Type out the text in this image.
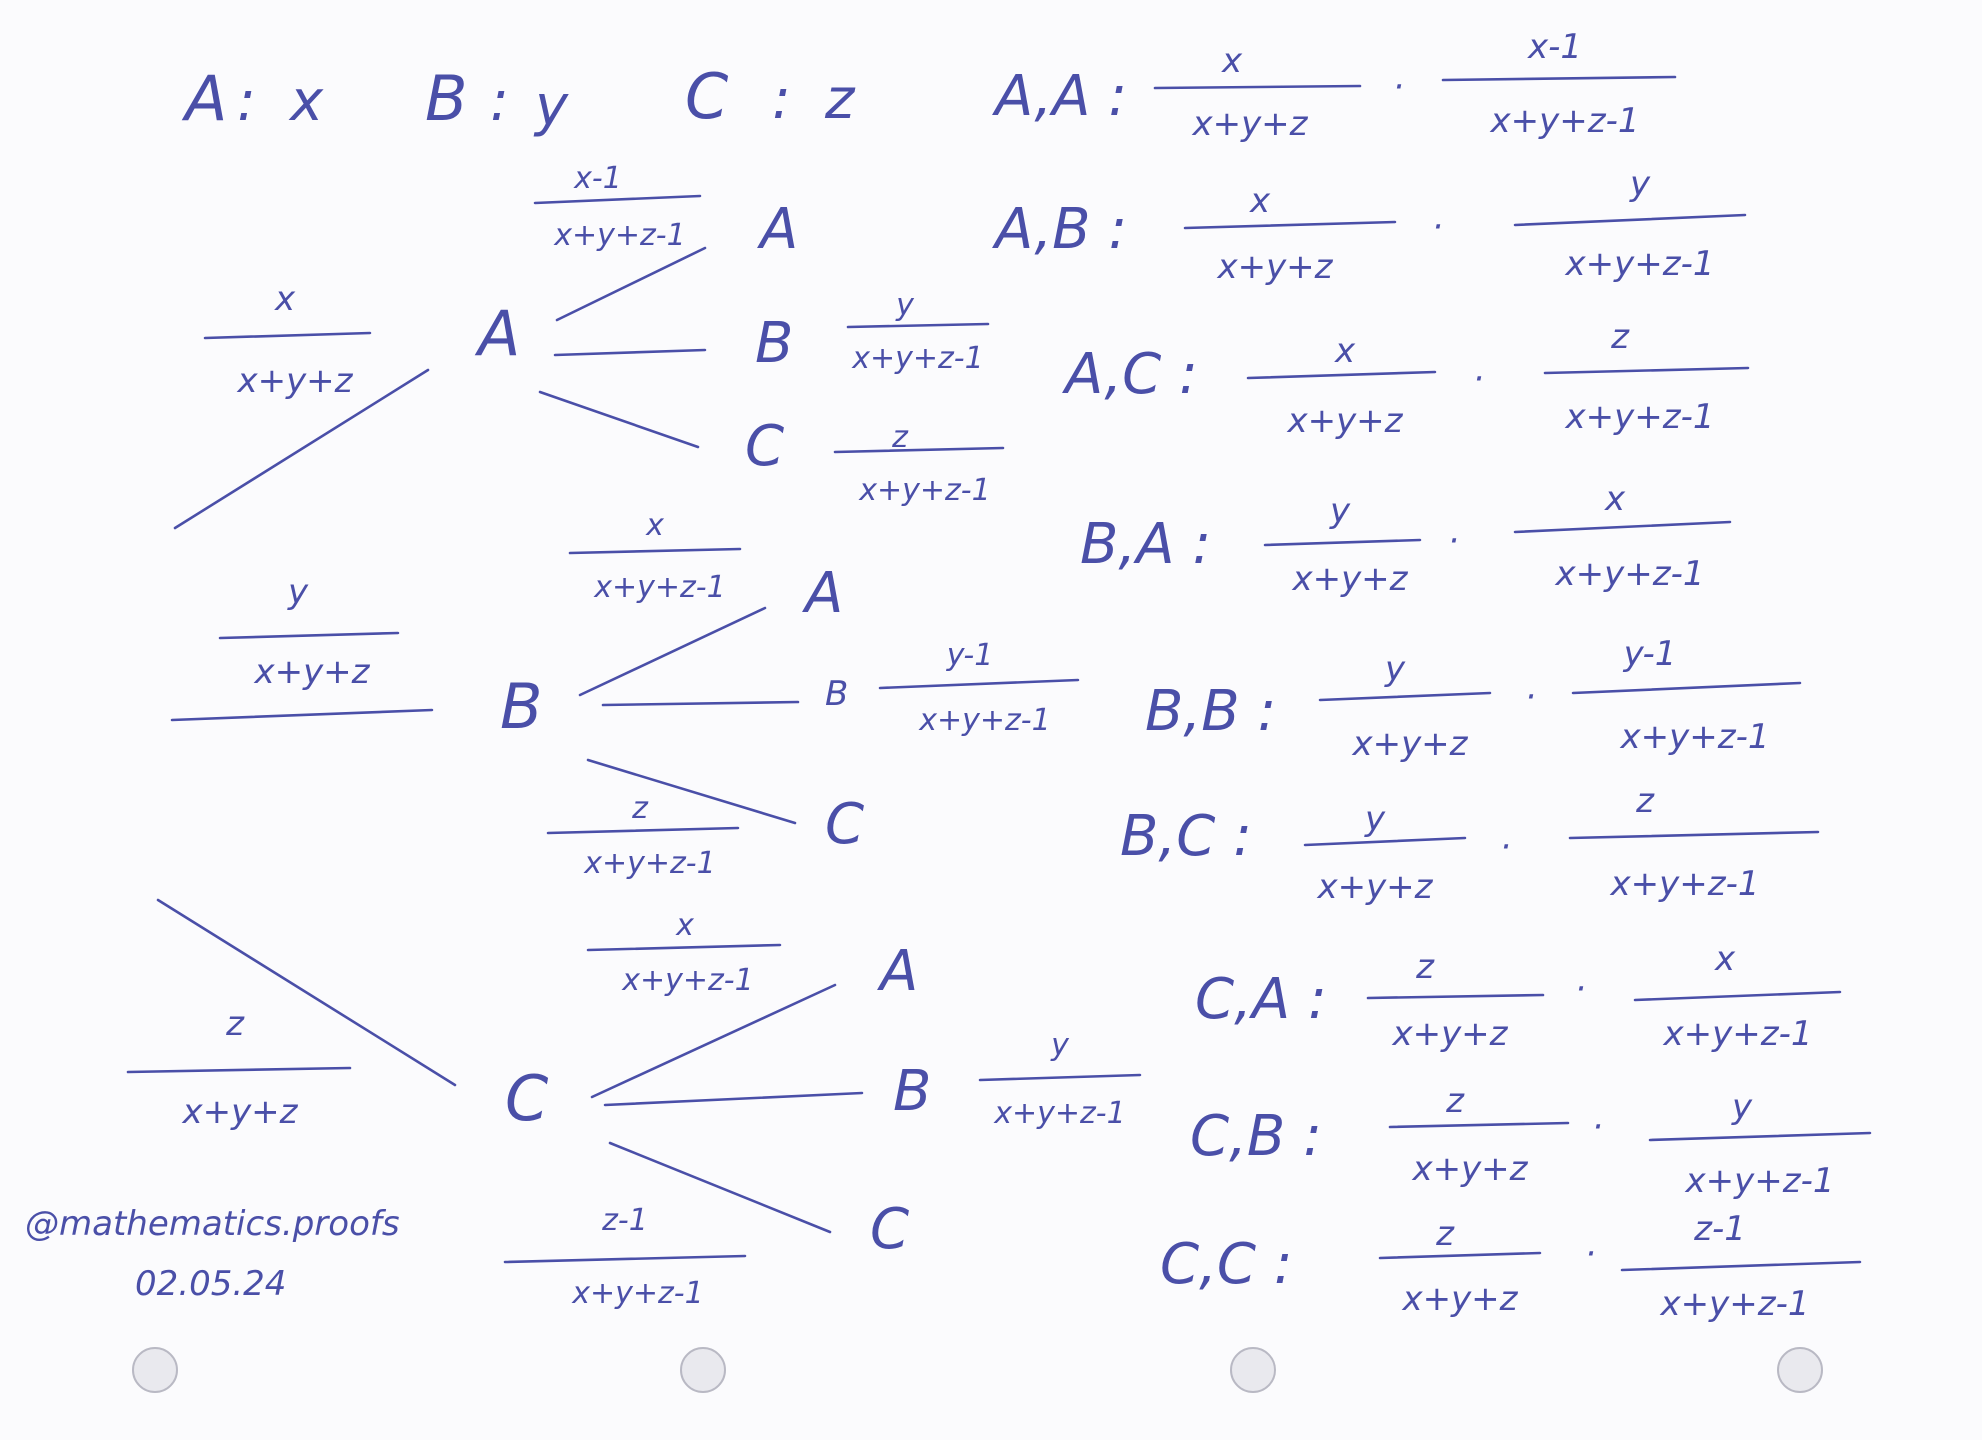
A : x B : y C : z
x
x+y+z
y
x+y+z
z
x+y+z
A
B
C
x-1
x+y+z-1 A
B
y
x+y+z-1
C	z
x+y+z-1
x
x+y+z-1 A
B
y-1
x+y+z-1
C
z
x+y+z-1
x
x+y+z-1 A
B
y
x+y+z-1
C
z-1
x+y+z-1
A,A :
x
x+y+z
·
x-1
x+y+z-1
A,B :	x
x+y+z
·
y
x+y+z-1
A,C :	x
x+y+z
·
z
x+y+z-1
B,A :
y
x+y+z
·
x
x+y+z-1
B,B :
y
x+y+z
·
y-1
x+y+z-1
B,C :	y
x+y+z
·
z
x+y+z-1
C,A :	z
x+y+z
·
x
x+y+z-1
C,B :
z
x+y+z
·	y
x+y+z-1
C,C :	z
x+y+z
·
z-1
x+y+z-1
@mathematics.proofs
02.05.24
